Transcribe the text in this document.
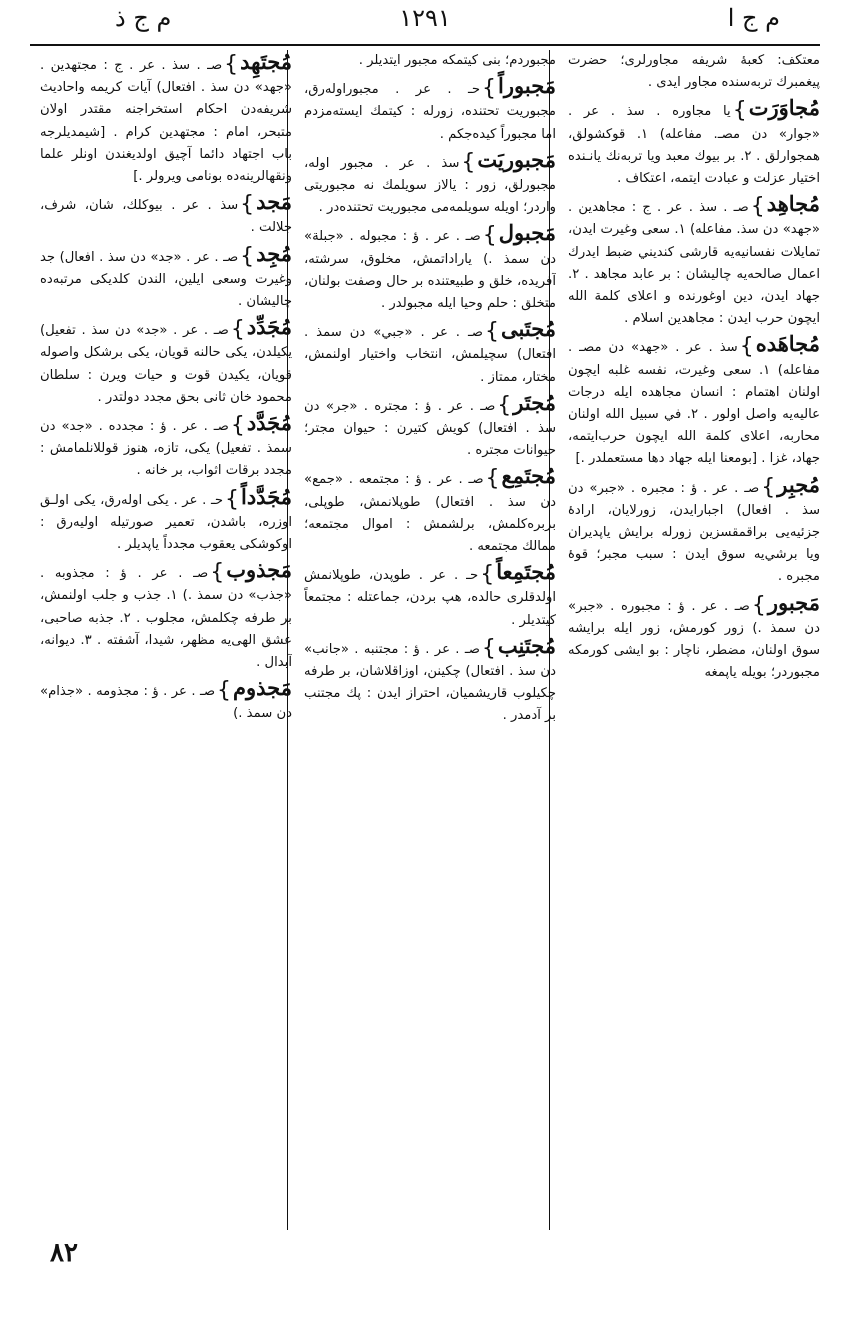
م ج ا
١٢٩١
م ج ذ
معتكف: كعبهٔ شريفه مجاورلرى؛ حضرت پيغمبرك تربه‌سنده مجاور ايدى .
مُجاوَرَت}يا مجاوره . سذ . عر . «جوار» دن مصـ. مفاعله) ١. قوكشولق، همجوارلق . ٢. بر بيوك معبد ويا تربه‌نك يانـنده اختيار عزلت و عبادت ايتمه، اعتكاف .
مُجاهِد}صـ . سذ . عر . ج : مجاهدين . «جهد» دن سذ. مفاعله) ١. سعى وغيرت ايدن، تمايلات نفسانيه‌يه قارشى كنديني ضبط ايدرك اعمال صالحه‌يه چاليشان : بر عابد مجاهد . ٢. جهاد ايدن، دين اوغورنده و اعلاى كلمة الله ايچون حرب ايدن : مجاهدين اسلام .
مُجاهَده}سذ . عر . «جهد» دن مصـ . مفاعله) ١. سعى وغيرت، نفسه غلبه ايچون اولنان اهتمام : انسان مجاهده ايله درجات عاليه‌يه واصل اولور . ٢. في سبيل الله اولنان محاربه، اعلاى كلمة الله ايچون حرب‌ايتمه، جهاد، غزا . [بومعنا ايله جهاد دها مستعملدر .]
مُجبِر}صـ . عر . ؤ : مجبره . «جبر» دن سذ . افعال) اجبارايدن، زورلايان، ارادهٔ جزئيه‌يى براقمقسزين زورله برايش ياپديران ويا برشي‌يه سوق ايدن : سبب مجبر؛ قوهٔ مجبره .
مَجبور}صـ . عر . ؤ : مجبوره . «جبر» دن سمذ .) زور كورمش، زور ايله برايشه سوق اولنان، مضطر، ناچار : بو ايشى كورمكه مجبوردر؛ بويله ياپمغه
مجبوردم؛ بنى كيتمكه مجبور ايتديلر .
مَجبوراً}حـ . عر . مجبوراوله‌رق، مجبوريت تحتنده، زورله : كيتمك ايسته‌مزدم اما مجبوراً كيده‌جكم .
مَجبوريَت}سذ . عر . مجبور اوله، مجبورلق، زور : يالاز سويلمك نه مجبوريتى واردر؛ اويله سويلمه‌مى مجبوريت تحتنده‌در .
مَجبول}صـ . عر . ؤ : مجبوله . «جبلة» دن سمذ .) ياراداتمش، مخلوق، سرشته، آفريده، خلق و طبيعتنده بر حال وصفت بولنان، متخلق : حلم وحيا ايله مجبولدر .
مُجتَبى}صـ . عر . «جبي» دن سمذ . افتعال) سچيلمش، انتخاب واختيار اولنمش، مختار، ممتاز .
مُجتَر}صـ . عر . ؤ : مجتره . «جر» دن سذ . افتعال) كويش كتيرن : حيوان مجتر؛ حيوانات مجتره .
مُجتَمِع}صـ . عر . ؤ : مجتمعه . «جمع» دن سذ . افتعال) طوپلانمش، طوپلى، بربره‌كلمش، برلشمش : اموال مجتمعه؛ ممالك مجتمعه .
مُجتَمِعاً}حـ . عر . طوپدن، طوپلانمش اولدقلرى حالده، هپ بردن، جماعتله : مجتمعاً كيتديلر .
مُجتَنِب}صـ . عر . ؤ : مجتنبه . «جانب» دن سذ . افتعال) چكينن، اوزاقلاشان، بر طرفه چكيلوب قاريشميان، احتراز ايدن : پك مجتنب بر آدمدر .
مُجتَهِد}صـ . سذ . عر . ج : مجتهدين . «جهد» دن سذ . افتعال) آيات كريمه واحاديث شريفه‌دن احكام استخراجنه مقتدر اولان متبحر، امام : مجتهدين كرام . [شيمديلرجه باب اجتهاد دائما آچيق اولديغندن اونلر علما ونقهالرينه‌ده بونامى ويرولر .]
مَجد}سذ . عر . بيوكلك، شان، شرف، جلالت .
مُجِد}صـ . عر . «جد» دن سذ . افعال) جد وغيرت وسعى ايلين، الندن كلديكى مرتبه‌ده چاليشان .
مُجَدِّد}صـ . عر . «جد» دن سذ . تفعيل) يكيلدن، يكى حالنه قويان، يكى برشكل واصوله قويان، يكيدن قوت و حيات ويرن : سلطان محمود خان ثانى بحق مجدد دولتدر .
مُجَدَّد}صـ . عر . ؤ : مجدده . «جد» دن سمذ . تفعيل) يكى، تازه، هنوز قوللانلمامش : مجدد برقات اثواب، بر خانه .
مُجَدَّداً}حـ . عر . يكى اوله‌رق، يكى اولـق اوزره، باشدن، تعمير صورتيله اوليه‌رق : اوكوشكى يعقوب مجدداً ياپديلر .
مَجذوب}صـ . عر . ؤ : مجذوبه . «جذب» دن سمذ .) ١. جذب و جلب اولنمش، بر طرفه چكلمش، مجلوب . ٢. جذبه صاحبى، عشق الهى‌يه مظهر، شيدا، آشفته . ٣. ديوانه، آبدال .
مَجذوم}صـ . عر . ؤ : مجذومه . «جذام» دن سمذ .)
٨٢
